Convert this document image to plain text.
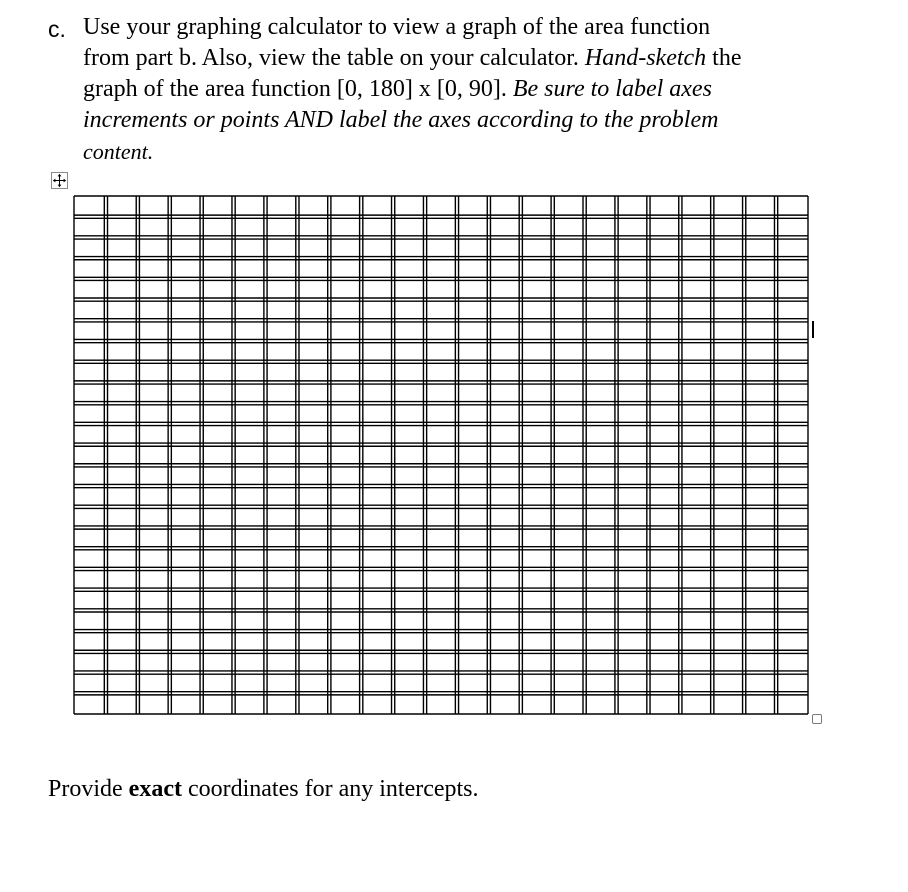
c. Use your graphing calculator to view a graph of the area function
from part b. Also, view the table on your calculator. Hand-sketch the
graph of the area function [0, 180] x [0, 90]. Be sure to label axes
increments or points AND label the axes according to the problem
content.
Provide exact coordinates for any intercepts.
